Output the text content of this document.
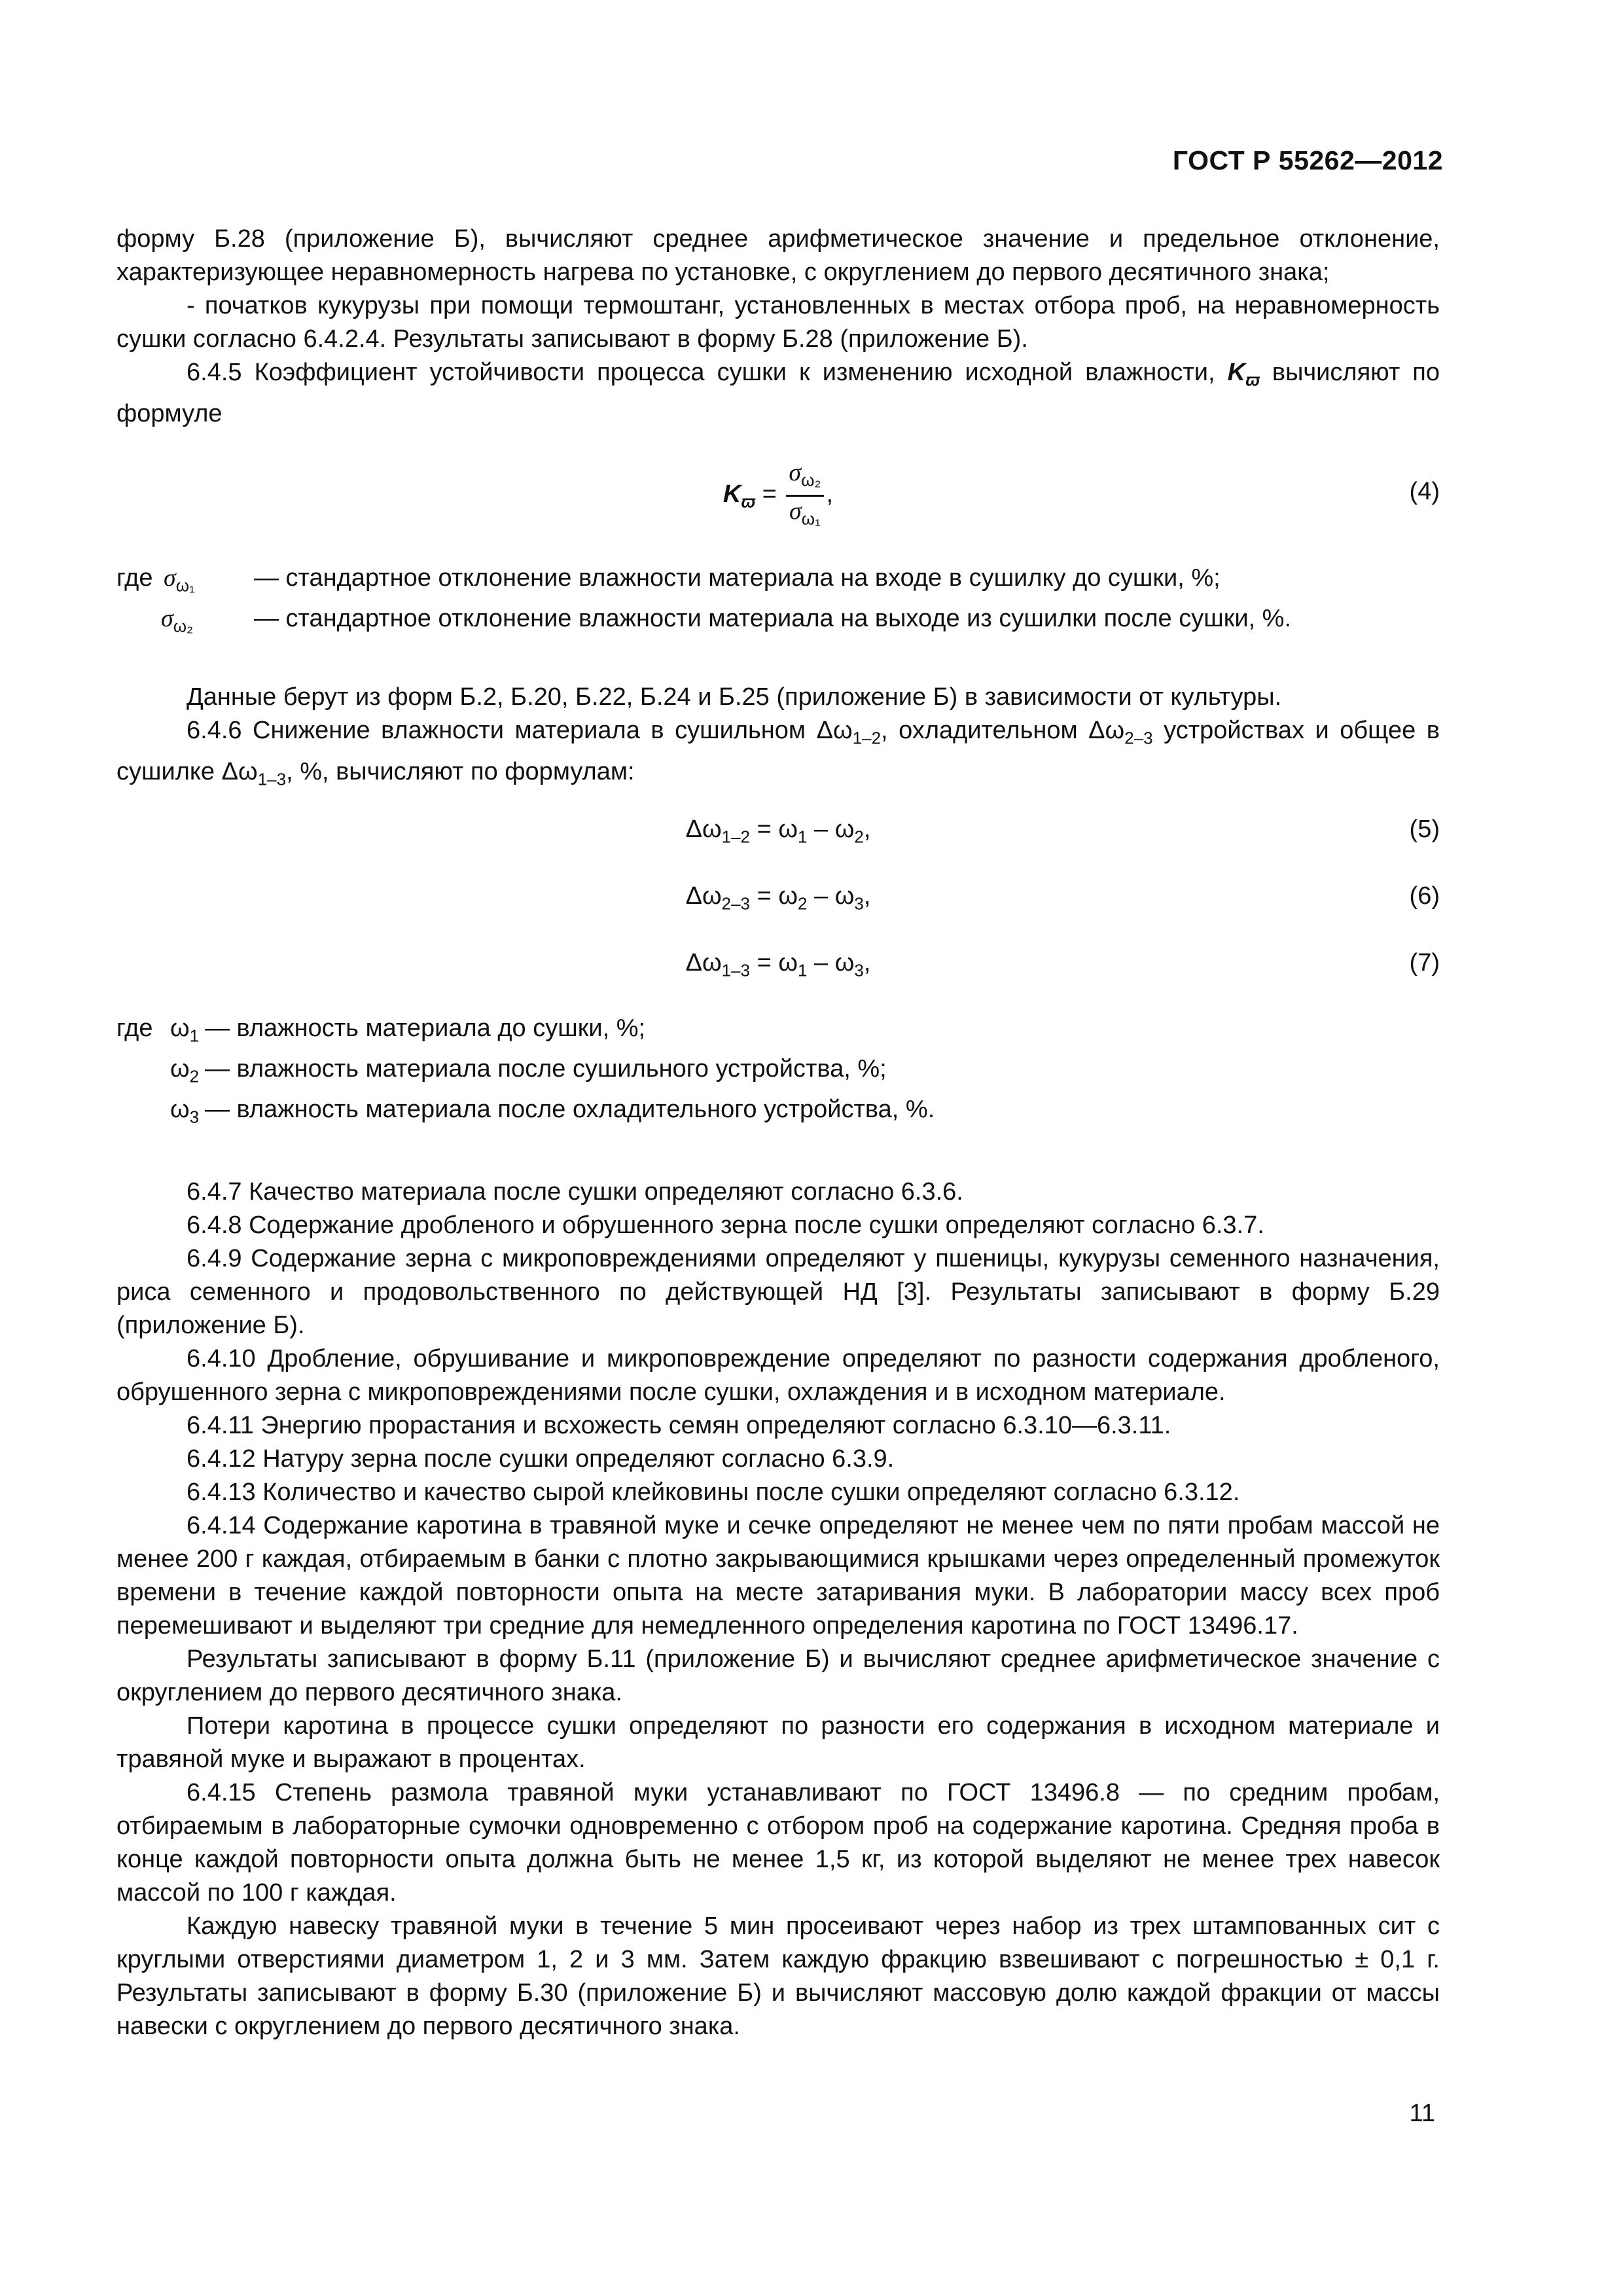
ГОСТ Р 55262—2012

форму Б.28 (приложение Б), вычисляют среднее арифметическое значение и предельное отклонение, характеризующее неравномерность нагрева по установке, с округлением до первого десятичного знака;

- початков кукурузы при помощи термоштанг, установленных в местах отбора проб, на неравномерность сушки согласно 6.4.2.4. Результаты записывают в форму Б.28 (приложение Б).

6.4.5 Коэффициент устойчивости процесса сушки к изменению исходной влажности, $K_ϖ$ вычисляют по формуле

$K_ϖ = \frac{\sigma_{\omega_2}}{\sigma_{\omega_1}}$ ,	(4)
где $\sigma_{\omega_1}$ — стандартное отклонение влажности материала на входе в сушилку до сушки, %;
$\sigma_{\omega_2}$ — стандартное отклонение влажности материала на выходе из сушилки после сушки, %.

Данные берут из форм Б.2, Б.20, Б.22, Б.24 и Б.25 (приложение Б) в зависимости от культуры.

6.4.6 Снижение влажности материала в сушильном $\Delta\omega_{1-2}$, охладительном $\Delta\omega_{2-3}$ устройствах и общее в сушилке $\Delta\omega_{1-3}$, %, вычисляют по формулам:

$\Delta\omega_{1-2} = \omega_1 - \omega_2$,	(5)
$\Delta\omega_{2-3} = \omega_2 - \omega_3$,	(6)
$\Delta\omega_{1-3} = \omega_1 - \omega_3$,	(7)
где $\omega_1$ — влажность материала до сушки, %;
$\omega_2$ — влажность материала после сушильного устройства, %;
$\omega_3$ — влажность материала после охладительного устройства, %.

6.4.7 Качество материала после сушки определяют согласно 6.3.6.

6.4.8 Содержание дробленого и обрушенного зерна после сушки определяют согласно 6.3.7.

6.4.9 Содержание зерна с микроповреждениями определяют у пшеницы, кукурузы семенного назначения, риса семенного и продовольственного по действующей НД [3]. Результаты записывают в форму Б.29 (приложение Б).

6.4.10 Дробление, обрушивание и микроповреждение определяют по разности содержания дробленого, обрушенного зерна с микроповреждениями после сушки, охлаждения и в исходном материале.

6.4.11 Энергию прорастания и всхожесть семян определяют согласно 6.3.10—6.3.11.

6.4.12 Натуру зерна после сушки определяют согласно 6.3.9.

6.4.13 Количество и качество сырой клейковины после сушки определяют согласно 6.3.12.

6.4.14 Содержание каротина в травяной муке и сечке определяют не менее чем по пяти пробам массой не менее 200 г каждая, отбираемым в банки с плотно закрывающимися крышками через определенный промежуток времени в течение каждой повторности опыта на месте затаривания муки. В лаборатории массу всех проб перемешивают и выделяют три средние для немедленного определения каротина по ГОСТ 13496.17.

Результаты записывают в форму Б.11 (приложение Б) и вычисляют среднее арифметическое значение с округлением до первого десятичного знака.

Потери каротина в процессе сушки определяют по разности его содержания в исходном материале и травяной муке и выражают в процентах.

6.4.15 Степень размола травяной муки устанавливают по ГОСТ 13496.8 — по средним пробам, отбираемым в лабораторные сумочки одновременно с отбором проб на содержание каротина. Средняя проба в конце каждой повторности опыта должна быть не менее 1,5 кг, из которой выделяют не менее трех навесок массой по 100 г каждая.

Каждую навеску травяной муки в течение 5 мин просеивают через набор из трех штампованных сит с круглыми отверстиями диаметром 1, 2 и 3 мм. Затем каждую фракцию взвешивают с погрешностью ± 0,1 г. Результаты записывают в форму Б.30 (приложение Б) и вычисляют массовую долю каждой фракции от массы навески с округлением до первого десятичного знака.

11
